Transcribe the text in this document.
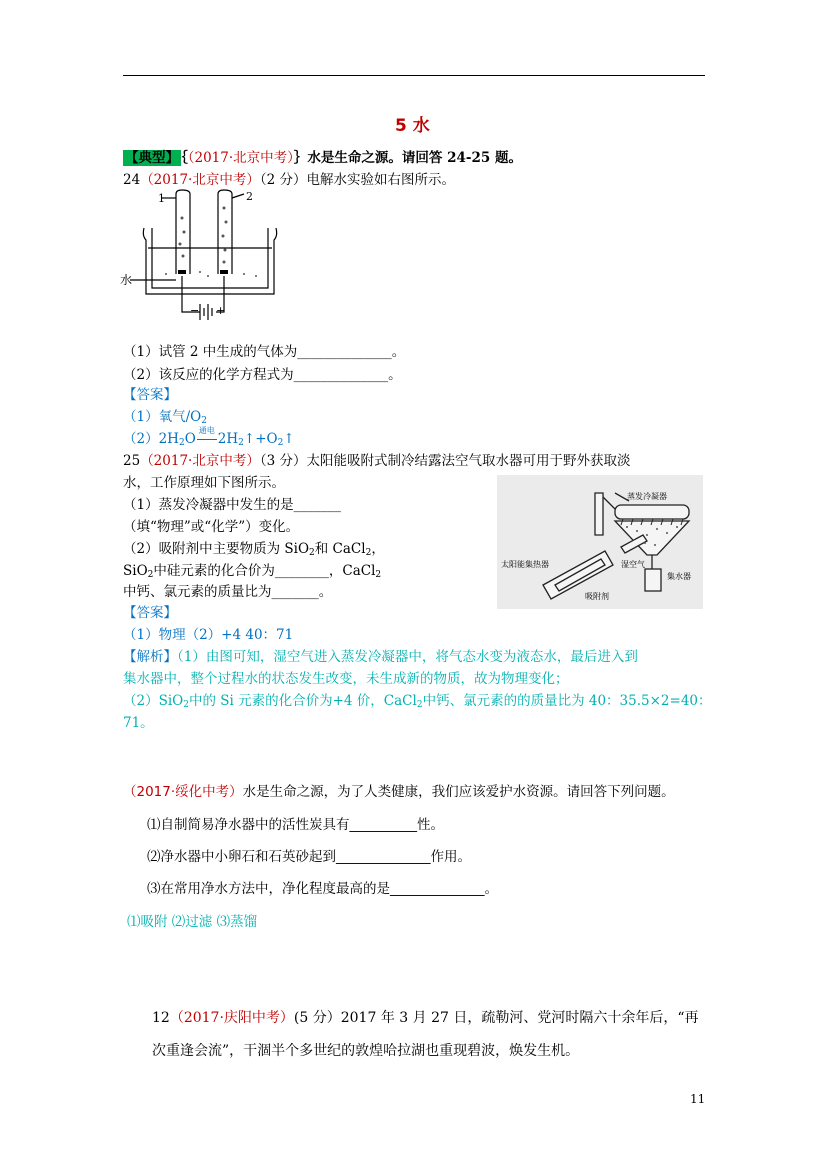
5 水
【典型】 ｛（2017·北京中考）｝水是生命之源。请回答 24-25 题。
24（2017·北京中考）（2 分）电解水实验如右图所示。
1	2
水
− +
（1）试管 2 中生成的气体为______________。
（2）该反应的化学方程式为______________。
【答案】
（1）氧气$/O_2$
$(2)2H_2O$
通电
$2H_2↑+O_2↑$
25（2017·北京中考）（3 分）太阳能吸附式制冷结露法空气取水器可用于野外获取淡
水，工作原理如下图所示。
（1）蒸发冷凝器中发生的是_______
（填“物理”或“化学”）变化。
（2）吸附剂中主要物质为 SiO$_2$和 CaCl$_2$，
SiO$_2$中硅元素的化合价为________，CaCl$_2$
中钙、氯元素的质量比为_______。
蒸发冷凝器
太阳能集热器	湿空气
集水器
吸附剂
【答案】
（1）物理（2）+4 40：71
【解析】（1）由图可知，湿空气进入蒸发冷凝器中，将气态水变为液态水，最后进入到
集水器中，整个过程水的状态发生改变，未生成新的物质，故为物理变化；
（2）SiO$_2$中的 Si 元素的化合价为+4 价，CaCl$_2$中钙、氯元素的的质量比为 40：35.5×2=40：
71。
（2017·绥化中考）水是生命之源，为了人类健康，我们应该爱护水资源。请回答下列问题。
⑴自制简易净水器中的活性炭具有__________性。
⑵净水器中小卵石和石英砂起到______________作用。
⑶在常用净水方法中，净化程度最高的是______________。
⑴吸附 ⑵过滤 ⑶蒸馏
12（2017·庆阳中考）(5 分）2017 年 3 月 27 日，疏勒河、党河时隔六十余年后，“再
次重逢会流”，干涸半个多世纪的敦煌哈拉湖也重现碧波，焕发生机。
11
